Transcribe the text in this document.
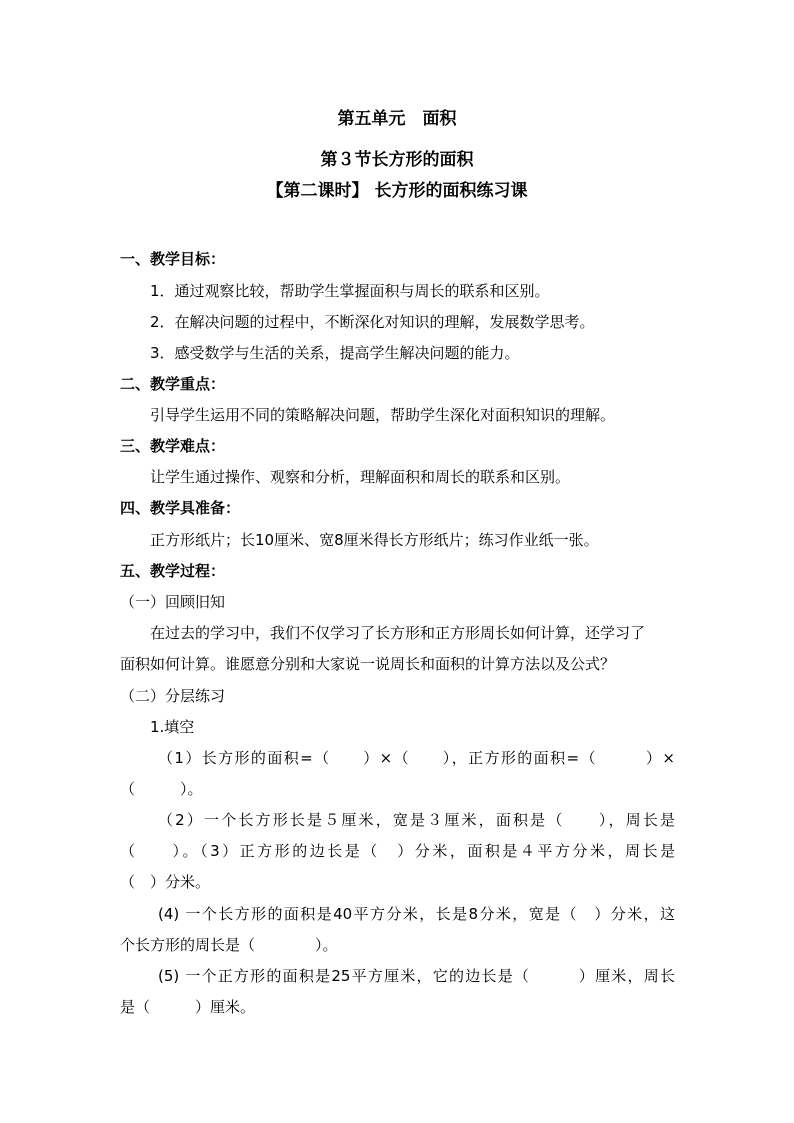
第五单元　面积
第３节长方形的面积
【第二课时】 长方形的面积练习课
一、教学目标：
1．通过观察比较，帮助学生掌握面积与周长的联系和区别。
2．在解决问题的过程中，不断深化对知识的理解，发展数学思考。
3．感受数学与生活的关系，提高学生解决问题的能力。
二、教学重点：
引导学生运用不同的策略解决问题，帮助学生深化对面积知识的理解。
三、教学难点：
让学生通过操作、观察和分析，理解面积和周长的联系和区别。
四、教学具准备：
正方形纸片；长10厘米、宽8厘米得长方形纸片；练习作业纸一张。
五、教学过程：
（一）回顾旧知
在过去的学习中，我们不仅学习了长方形和正方形周长如何计算，还学习了
面积如何计算。谁愿意分别和大家说一说周长和面积的计算方法以及公式？
（二）分层练习
1.填空
（1）长方形的面积=（　　）×（　　），正方形的面积=（　　　）×
（　　　）。
（2）一个长方形长是５厘米，宽是３厘米，面积是（　　），周长是
（　　）。（3）正方形的边长是（　）分米，面积是４平方分米，周长是
（　）分米。
(4) 一个长方形的面积是40平方分米，长是8分米，宽是（　）分米，这
个长方形的周长是（　　　　）。
(5) 一个正方形的面积是25平方厘米，它的边长是（　　　）厘米，周长
是（　　　）厘米。
